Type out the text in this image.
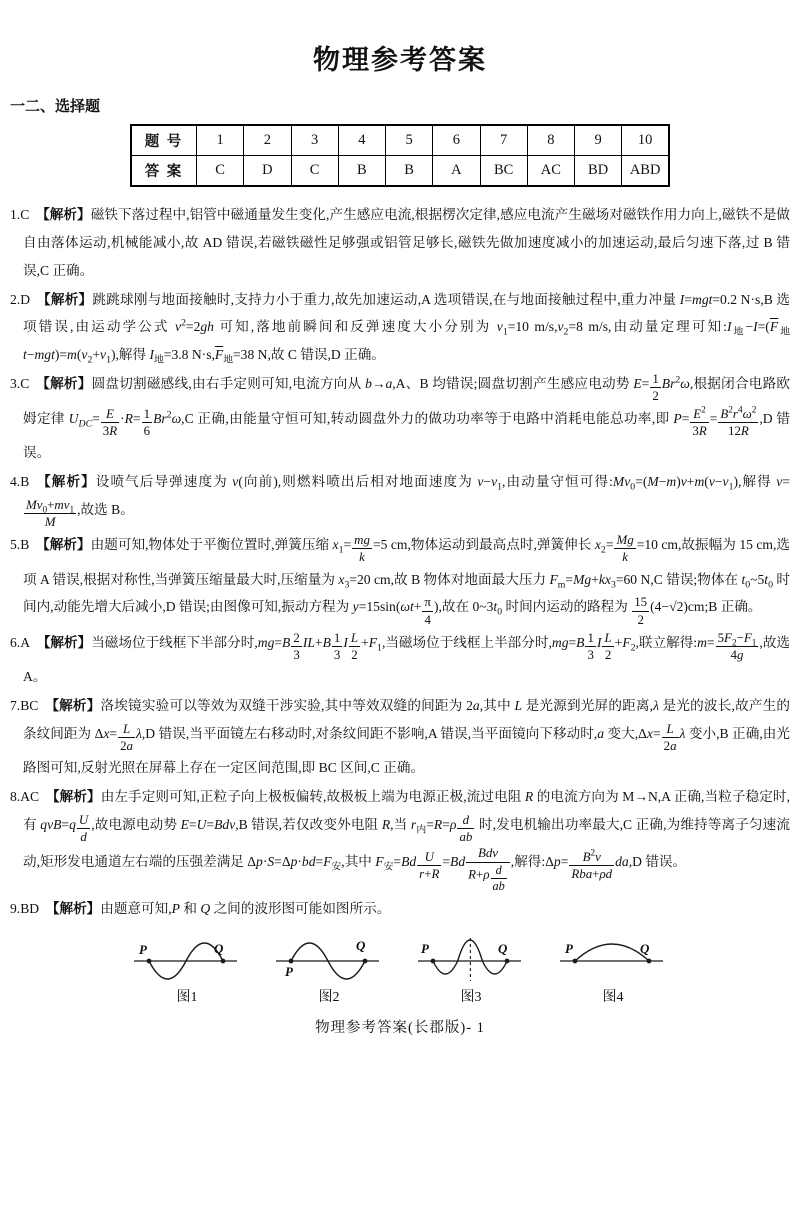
物理参考答案
一二、选择题
题 号	1	2	3	4	5	6	7	8	9	10
答 案	C	D	C	B	B	A	BC	AC	BD	ABD
1.C 【解析】磁铁下落过程中,铝管中磁通量发生变化,产生感应电流,根据楞次定律,感应电流产生磁场对磁铁作用力向上,磁铁不是做自由落体运动,机械能减小,故 AD 错误,若磁铁磁性足够强或铝管足够长,磁铁先做加速度减小的加速运动,最后匀速下落,过 B 错误,C 正确。
2.D 【解析】跳跳球刚与地面接触时,支持力小于重力,故先加速运动,A 选项错误,在与地面接触过程中,重力冲量 I=mgt=0.2 N·s,B 选项错误,由运动学公式 $v^2=2gh$ 可知,落地前瞬间和反弹速度大小分别为 $v_1=10$ $m/s,v_2=8$ m/s,由动量定理可知$:I_地-I=(\overline{F}_地t-mgt)=m(v_2+v_1)$,解得 $I_地=3.8$ $N\cdot s,\overline{F}_地=38$ N,故 C 错误,D 正确。
3.C 【解析】圆盘切割磁感线,由右手定则可知,电流方向从 b→a,A、B 均错误;圆盘切割产生感应电动势 $E= \frac{1}{2} Br^2\omega$,根据闭合电路欧姆定律 $U_{DC}= \frac{E}{3R} \cdot R= \frac{1}{6} Br^2\omega,C$ 正确,由能量守恒可知,转动圆盘外力的做功功率等于电路中消耗电能总功率,即 $P= \frac{E^2}{3R} = \frac{B^2r^4\omega^2}{12R} ,D$ 错误。
4.B 【解析】设喷气后导弹速度为 v(向前),则燃料喷出后相对地面速度为 $v-v_1$,由动量守恒可得$:Mv_0=(M-m)v+m(v-v_1)$,解得 v=
$\frac{Mv_0+mv_1}{M}$ ,故选 B。
5.B 【解析】由题可知,物体处于平衡位置时,弹簧压缩 $x_1= \frac{mg}{k} =5$ cm,物体运动到最高点时,弹簧伸长 $x_2= \frac{Mg}{k} =10$ cm,故振幅为 15 cm,选项 A 错误,根据对称性,当弹簧压缩量最大时,压缩量为 $x_3=20$ cm,故 B 物体对地面最大压力 $F_m=Mg+kx_3=60$ N,C 错误;物体在 $t_0\sim 5t_0$ 时间内,动能先增大后减小,D 错误;由图像可知,振动方程为 $y=15\sin(\omega t+ \frac{\pi}{4}$ ),故在 $0\sim 3t_0$ 时间内运动的路程为 $\frac{15}{2}$ (4−√2)cm;B 正确。
6.A 【解析】当磁场位于线框下半部分时$,mg=B \frac{2}{3} IL+B \frac{1}{3}$ I $\frac{L}{2} +F_1$,当磁场位于线框上半部分时$,mg=B \frac{1}{3}$ I $\frac{L}{2} +F_2$,联立解得:m= $\frac{5F_2-F_1}{4g}$ ,故选 A。
7.BC 【解析】洛埃镜实验可以等效为双缝干涉实验,其中等效双缝的间距为 2a,其中 L 是光源到光屏的距离,λ 是光的波长,故产生的条纹间距为 $\Delta x= \frac{L}{2a} \lambda,D$ 错误,当平面镜左右移动时,对条纹间距不影响,A 错误,当平面镜向下移动时,a 变大$,\Delta x= \frac{L}{2a}$ λ 变小,B 正确,由光路图可知,反射光照在屏幕上存在一定区间范围,即 BC 区间,C 正确。
8.AC 【解析】由左手定则可知,正粒子向上极板偏转,故极板上端为电源正极,流过电阻 R 的电流方向为 M→N,A 正确,当粒子稳定时,有 $qvB=q \frac{U}{d}$ ,故电源电动势 E=U=Bdv,B 错误,若仅改变外电阻 R,当 $r_内=R=\rho \frac{d}{ab}$ 时,发电机输出功率最大,C 正确,为维持等离子匀速流动,矩形发电通道左右端的压强差满足 $\Delta p\cdot S=\Delta p\cdot bd=F_安$,其中 $F_安=Bd \frac{U}{r+R} =Bd \frac{\text{Bdv}}{R+\rho \frac{d}{ab}}$ ,解得:Δp= $\frac{B^2v}{\text{Rba+ρd}} da,D$ 错误。
9.BD 【解析】由题意可知,P 和 Q 之间的波形图可能如图所示。
P	Q
图1
P
Q
图2
P	Q
图3
P	Q
图4
物理参考答案(长郡版)- 1
